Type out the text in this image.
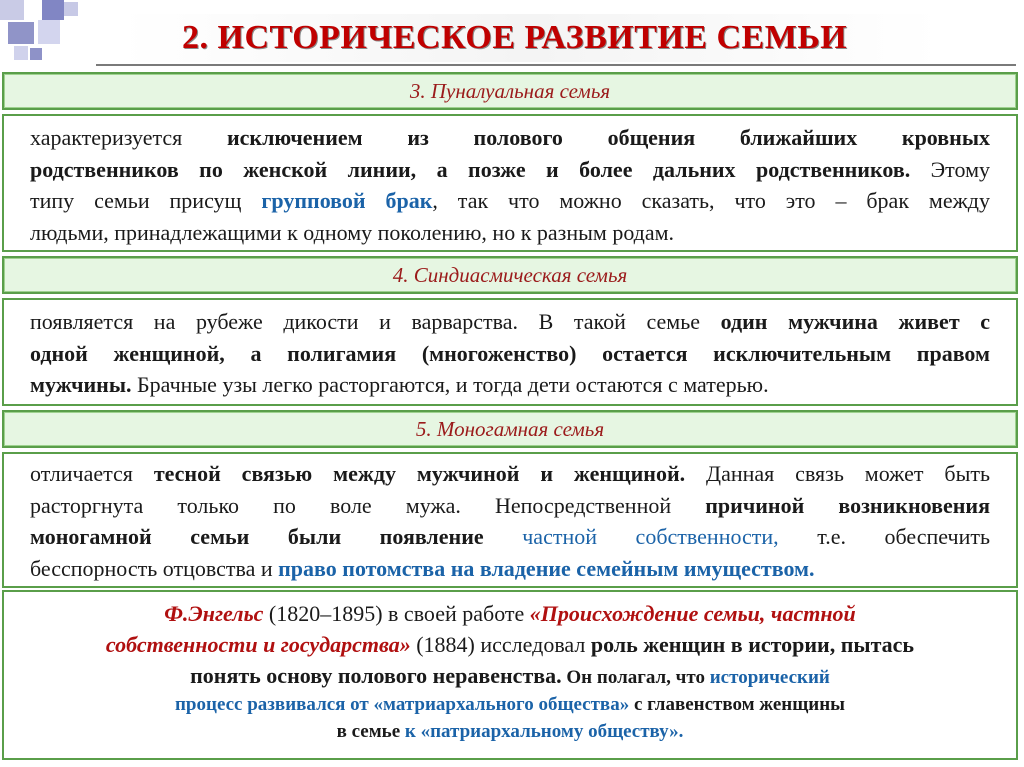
2. ИСТОРИЧЕСКОЕ РАЗВИТИЕ СЕМЬИ
3. Пуналуальная семья
характеризуется исключением из полового общения ближайших кровных
родственников по женской линии, а позже и более дальних родственников. Этому
типу семьи присущ групповой брак, так что можно сказать, что это – брак между
людьми, принадлежащими к одному поколению, но к разным родам.
4. Синдиасмическая семья
появляется на рубеже дикости и варварства. В такой семье один мужчина живет с
одной женщиной, а полигамия (многоженство) остается исключительным правом
мужчины. Брачные узы легко расторгаются, и тогда дети остаются с матерью.
5. Моногамная семья
отличается тесной связью между мужчиной и женщиной. Данная связь может быть
расторгнута только по воле мужа. Непосредственной причиной возникновения
моногамной семьи были появление частной собственности, т.е. обеспечить
бесспорность отцовства и право потомства на владение семейным имуществом.
Ф.Энгельс (1820–1895) в своей работе «Происхождение семьи, частной
собственности и государства» (1884) исследовал роль женщин в истории, пытась
понять основу полового неравенства. Он полагал, что исторический
процесс развивался от «матриархального общества» с главенством женщины
в семье к «патриархальному обществу».
